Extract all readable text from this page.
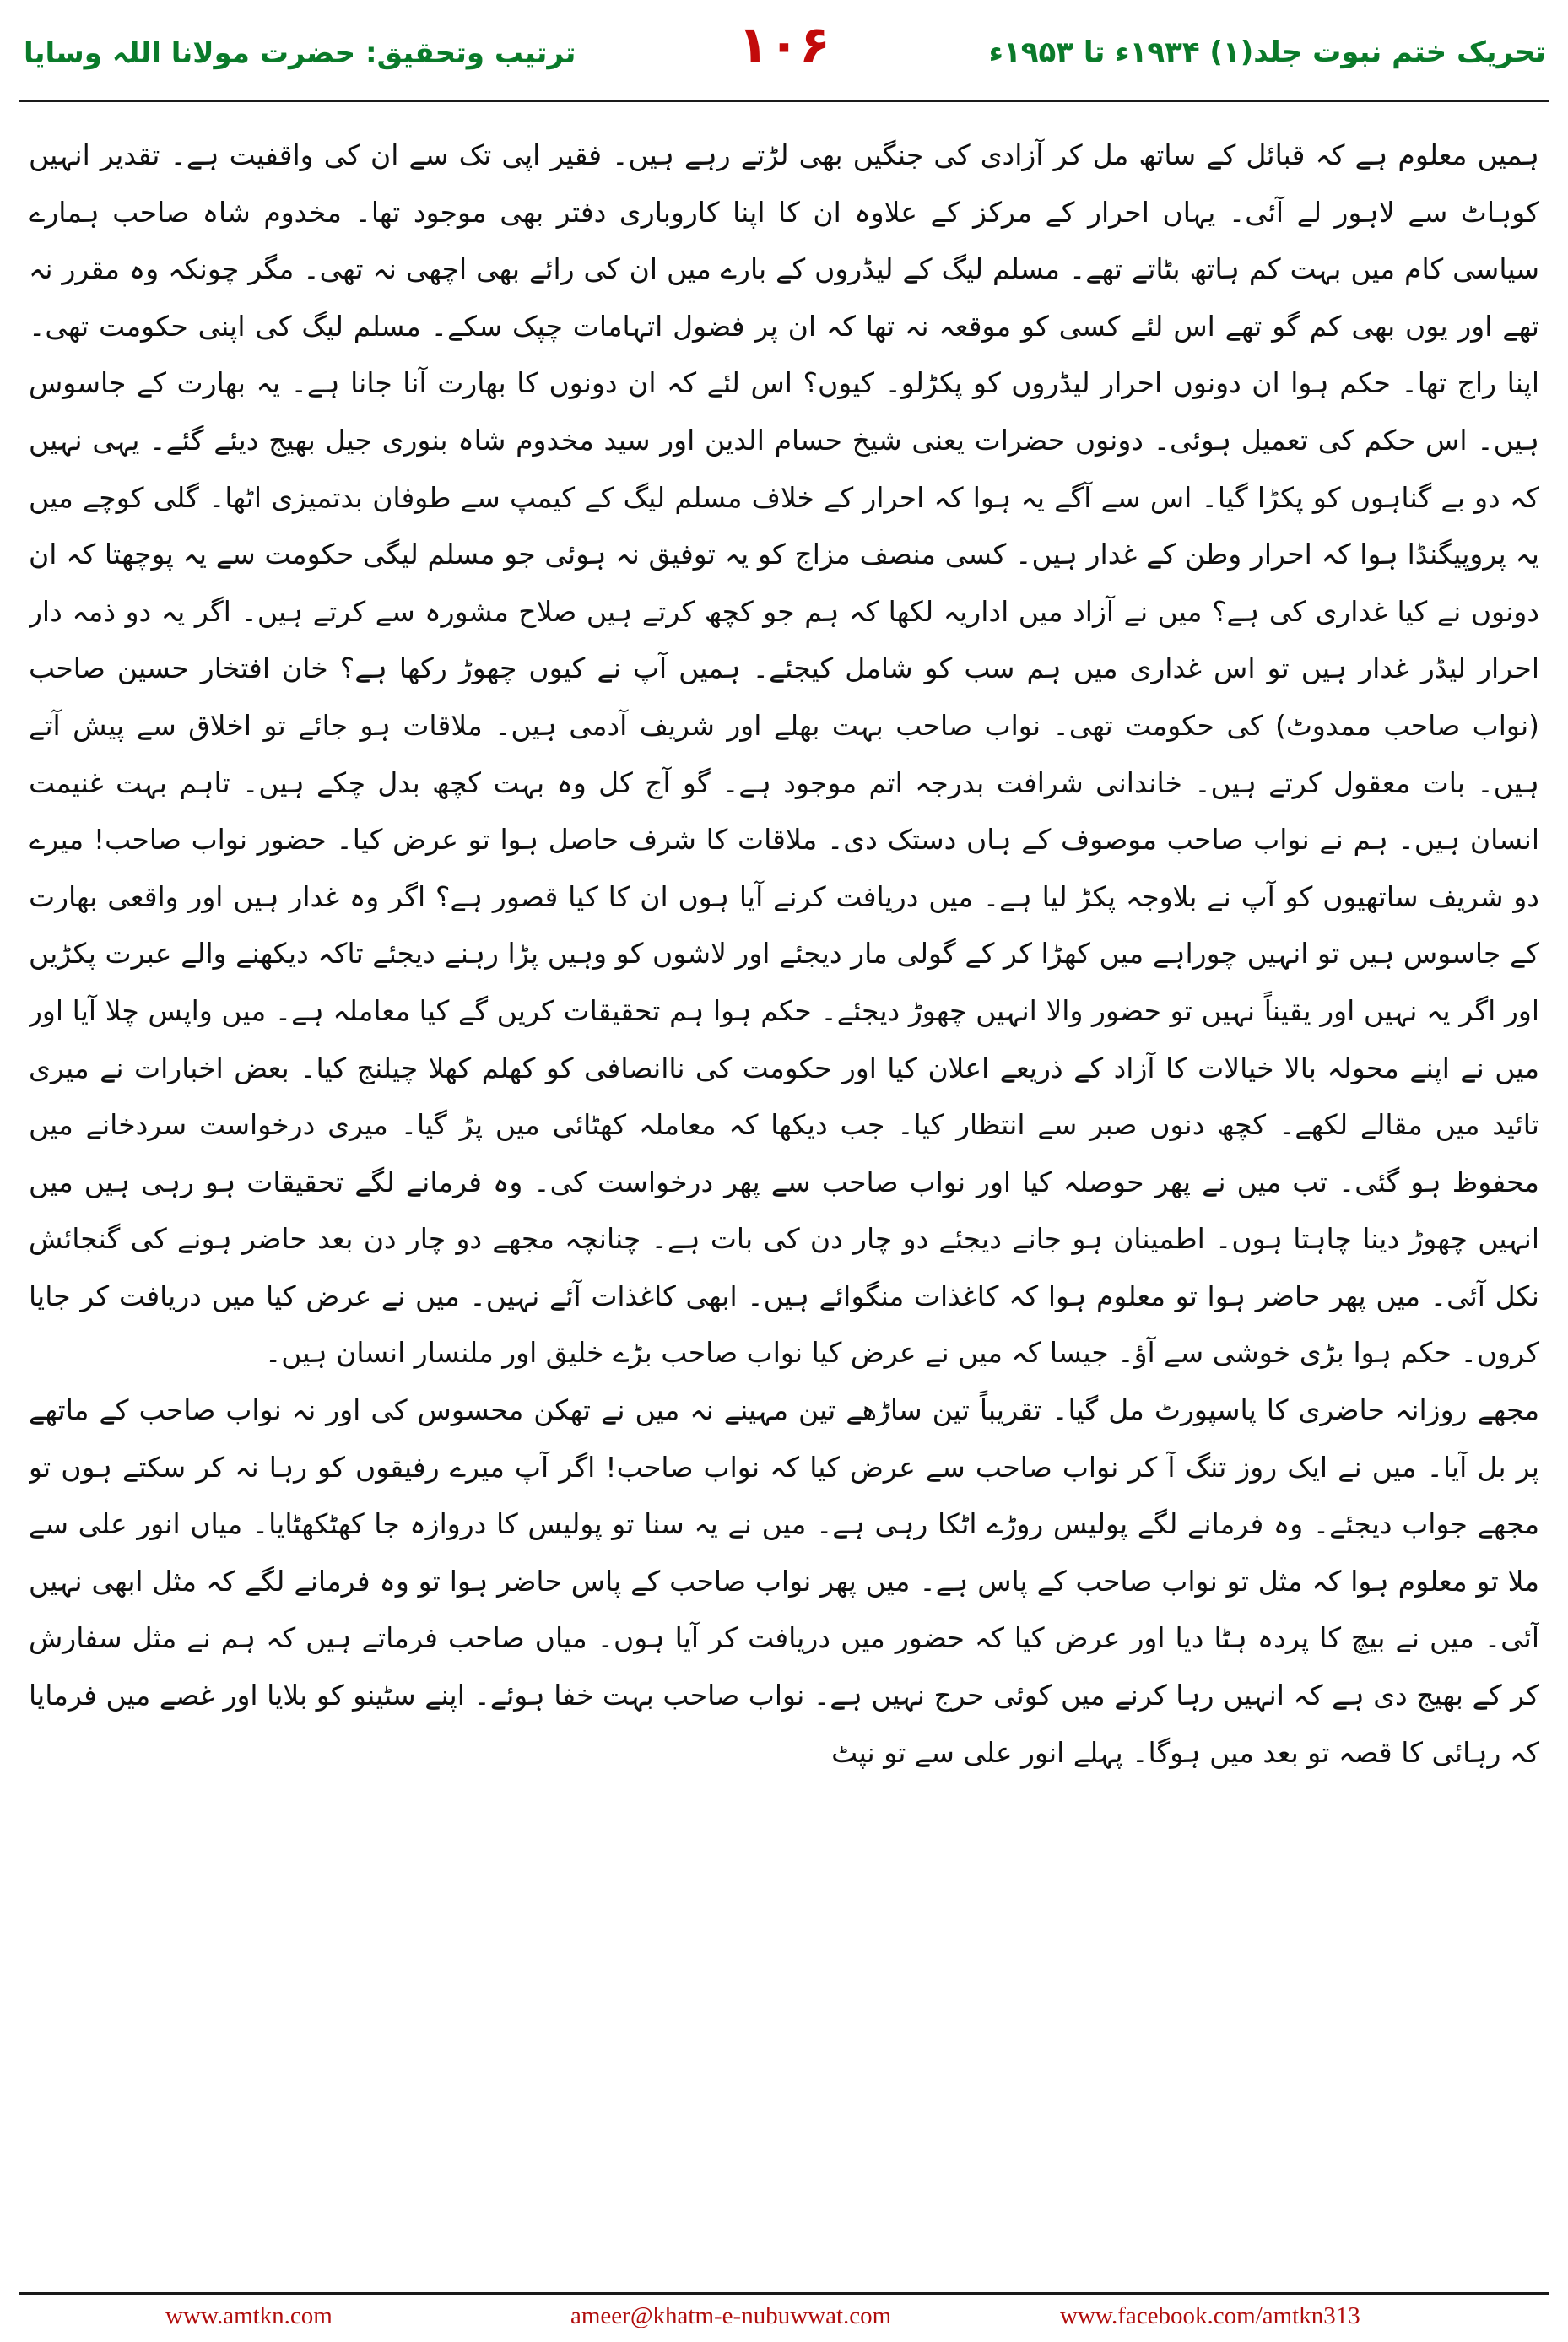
ترتیب وتحقیق: حضرت مولانا اللہ وسایا	۱۰۶	تحریک ختم نبوت جلد(۱) ۱۹۳۴ء تا ۱۹۵۳ء

ہمیں معلوم ہے کہ قبائل کے ساتھ مل کر آزادی کی جنگیں بھی لڑتے رہے ہیں۔ فقیر اپی تک سے ان کی واقفیت ہے۔ تقدیر انہیں کوہاٹ سے لاہور لے آئی۔ یہاں احرار کے مرکز کے علاوہ ان کا اپنا کاروباری دفتر بھی موجود تھا۔ مخدوم شاہ صاحب ہمارے سیاسی کام میں بہت کم ہاتھ بٹاتے تھے۔ مسلم لیگ کے لیڈروں کے بارے میں ان کی رائے بھی اچھی نہ تھی۔ مگر چونکہ وہ مقرر نہ تھے اور یوں بھی کم گو تھے اس لئے کسی کو موقعہ نہ تھا کہ ان پر فضول اتہامات چپک سکے۔ مسلم لیگ کی اپنی حکومت تھی۔ اپنا راج تھا۔ حکم ہوا ان دونوں احرار لیڈروں کو پکڑلو۔ کیوں؟ اس لئے کہ ان دونوں کا بھارت آنا جانا ہے۔ یہ بھارت کے جاسوس ہیں۔ اس حکم کی تعمیل ہوئی۔ دونوں حضرات یعنی شیخ حسام الدین اور سید مخدوم شاہ بنوری جیل بھیج دیئے گئے۔ یہی نہیں کہ دو بے گناہوں کو پکڑا گیا۔ اس سے آگے یہ ہوا کہ احرار کے خلاف مسلم لیگ کے کیمپ سے طوفان بدتمیزی اٹھا۔ گلی کوچے میں یہ پروپیگنڈا ہوا کہ احرار وطن کے غدار ہیں۔ کسی منصف مزاج کو یہ توفیق نہ ہوئی جو مسلم لیگی حکومت سے یہ پوچھتا کہ ان دونوں نے کیا غداری کی ہے؟ میں نے آزاد میں اداریہ لکھا کہ ہم جو کچھ کرتے ہیں صلاح مشورہ سے کرتے ہیں۔ اگر یہ دو ذمہ دار احرار لیڈر غدار ہیں تو اس غداری میں ہم سب کو شامل کیجئے۔ ہمیں آپ نے کیوں چھوڑ رکھا ہے؟ خان افتخار حسین صاحب (نواب صاحب ممدوٹ) کی حکومت تھی۔ نواب صاحب بہت بھلے اور شریف آدمی ہیں۔ ملاقات ہو جائے تو اخلاق سے پیش آتے ہیں۔ بات معقول کرتے ہیں۔ خاندانی شرافت بدرجہ اتم موجود ہے۔ گو آج کل وہ بہت کچھ بدل چکے ہیں۔ تاہم بہت غنیمت انسان ہیں۔ ہم نے نواب صاحب موصوف کے ہاں دستک دی۔ ملاقات کا شرف حاصل ہوا تو عرض کیا۔ حضور نواب صاحب! میرے دو شریف ساتھیوں کو آپ نے بلاوجہ پکڑ لیا ہے۔ میں دریافت کرنے آیا ہوں ان کا کیا قصور ہے؟ اگر وہ غدار ہیں اور واقعی بھارت کے جاسوس ہیں تو انہیں چوراہے میں کھڑا کر کے گولی مار دیجئے اور لاشوں کو وہیں پڑا رہنے دیجئے تاکہ دیکھنے والے عبرت پکڑیں اور اگر یہ نہیں اور یقیناً نہیں تو حضور والا انہیں چھوڑ دیجئے۔ حکم ہوا ہم تحقیقات کریں گے کیا معاملہ ہے۔ میں واپس چلا آیا اور میں نے اپنے محولہ بالا خیالات کا آزاد کے ذریعے اعلان کیا اور حکومت کی ناانصافی کو کھلم کھلا چیلنج کیا۔ بعض اخبارات نے میری تائید میں مقالے لکھے۔ کچھ دنوں صبر سے انتظار کیا۔ جب دیکھا کہ معاملہ کھٹائی میں پڑ گیا۔ میری درخواست سردخانے میں محفوظ ہو گئی۔ تب میں نے پھر حوصلہ کیا اور نواب صاحب سے پھر درخواست کی۔ وہ فرمانے لگے تحقیقات ہو رہی ہیں میں انہیں چھوڑ دینا چاہتا ہوں۔ اطمینان ہو جانے دیجئے دو چار دن کی بات ہے۔ چنانچہ مجھے دو چار دن بعد حاضر ہونے کی گنجائش نکل آئی۔ میں پھر حاضر ہوا تو معلوم ہوا کہ کاغذات منگوائے ہیں۔ ابھی کاغذات آئے نہیں۔ میں نے عرض کیا میں دریافت کر جایا کروں۔ حکم ہوا بڑی خوشی سے آؤ۔ جیسا کہ میں نے عرض کیا نواب صاحب بڑے خلیق اور ملنسار انسان ہیں۔

مجھے روزانہ حاضری کا پاسپورٹ مل گیا۔ تقریباً تین ساڑھے تین مہینے نہ میں نے تھکن محسوس کی اور نہ نواب صاحب کے ماتھے پر بل آیا۔ میں نے ایک روز تنگ آ کر نواب صاحب سے عرض کیا کہ نواب صاحب! اگر آپ میرے رفیقوں کو رہا نہ کر سکتے ہوں تو مجھے جواب دیجئے۔ وہ فرمانے لگے پولیس روڑے اٹکا رہی ہے۔ میں نے یہ سنا تو پولیس کا دروازہ جا کھٹکھٹایا۔ میاں انور علی سے ملا تو معلوم ہوا کہ مثل تو نواب صاحب کے پاس ہے۔ میں پھر نواب صاحب کے پاس حاضر ہوا تو وہ فرمانے لگے کہ مثل ابھی نہیں آئی۔ میں نے بیچ کا پردہ ہٹا دیا اور عرض کیا کہ حضور میں دریافت کر آیا ہوں۔ میاں صاحب فرماتے ہیں کہ ہم نے مثل سفارش کر کے بھیج دی ہے کہ انہیں رہا کرنے میں کوئی حرج نہیں ہے۔ نواب صاحب بہت خفا ہوئے۔ اپنے سٹینو کو بلایا اور غصے میں فرمایا کہ رہائی کا قصہ تو بعد میں ہوگا۔ پہلے انور علی سے تو نپٹ

www.amtkn.com	ameer@khatm-e-nubuwwat.com	www.facebook.com/amtkn313
